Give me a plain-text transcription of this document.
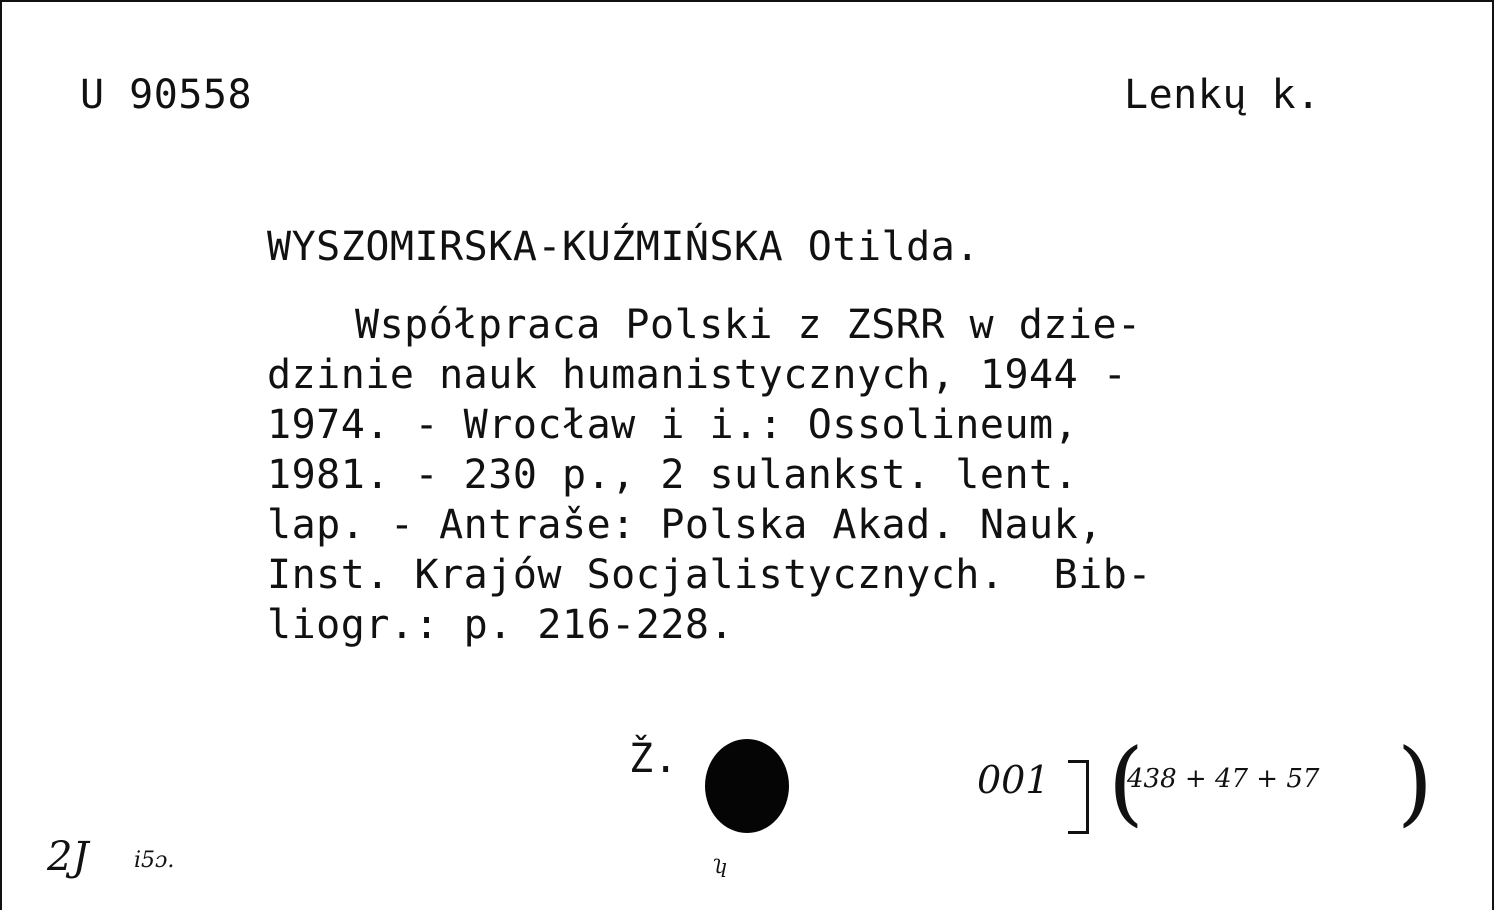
U 90558	Lenkų k.
WYSZOMIRSKA-KUŹMIŃSKA Otilda.
Współpraca Polski z ZSRR w dzie-
dzinie nauk humanistycznych, 1944 -
1974. - Wrocław i i.: Ossolineum,
1981. - 230 p., 2 sulankst. lent.
lap. - Antraše: Polska Akad. Nauk,
Inst. Krajów Socjalistycznych.  Bib-
liogr.: p. 216-228.
Ž.	001 (
438 + 47 + 57 )
2J i5ɔ.	ʮ
